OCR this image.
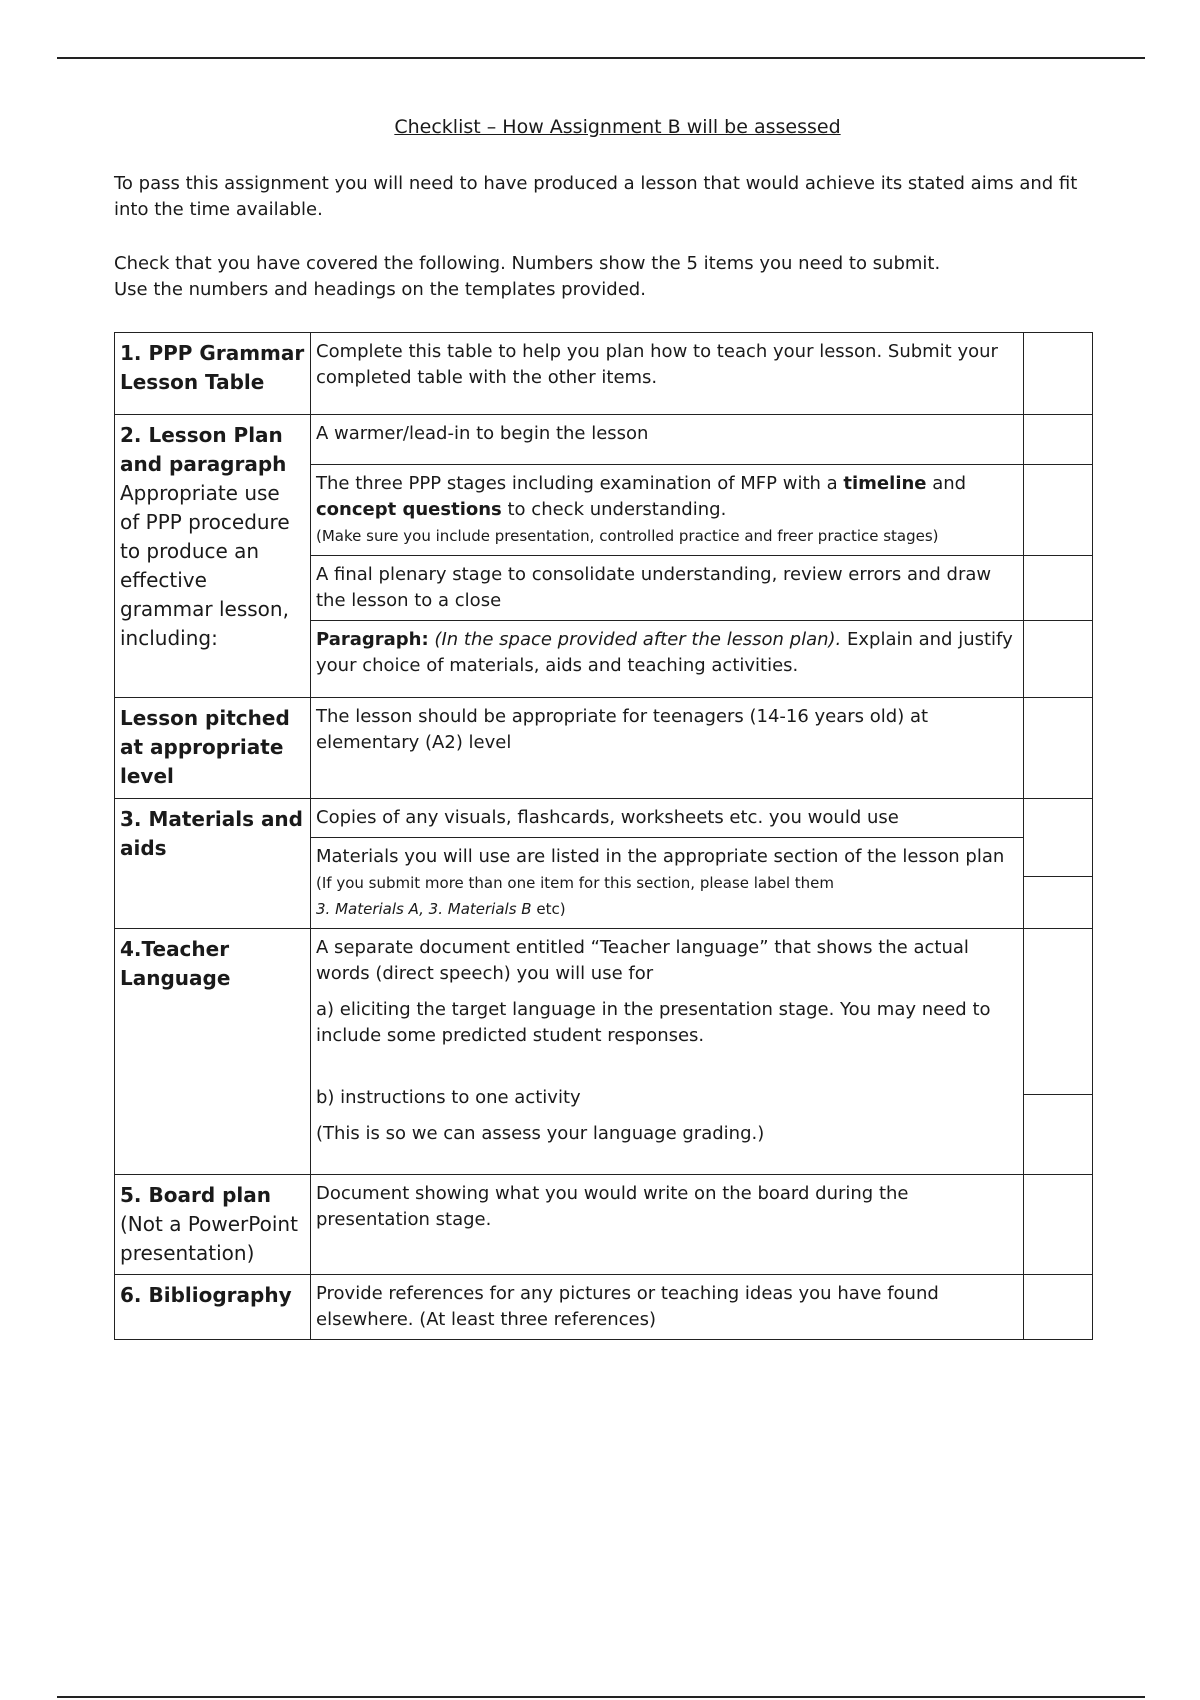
Checklist – How Assignment B will be assessed

To pass this assignment you will need to have produced a lesson that would achieve its stated aims and fit into the time available.

Check that you have covered the following. Numbers show the 5 items you need to submit.

Use the numbers and headings on the templates provided.

1. PPP Grammar Lesson Table	Complete this table to help you plan how to teach your lesson. Submit your completed table with the other items.	
2. Lesson Plan and paragraph
Appropriate use of PPP procedure to produce an effective grammar lesson, including:	A warmer/lead-in to begin the lesson	
	The three PPP stages including examination of MFP with a timeline and concept questions to check understanding.
(Make sure you include presentation, controlled practice and freer practice stages)	
	A final plenary stage to consolidate understanding, review errors and draw the lesson to a close	
	Paragraph: (In the space provided after the lesson plan). Explain and justify your choice of materials, aids and teaching activities.	
Lesson pitched at appropriate level	The lesson should be appropriate for teenagers (14-16 years old) at elementary (A2) level	
3. Materials and aids	Copies of any visuals, flashcards, worksheets etc. you would use	

	Materials you will use are listed in the appropriate section of the lesson plan
(If you submit more than one item for this section, please label them
3. Materials A, 3. Materials B etc)	
4.Teacher Language	A separate document entitled “Teacher language” that shows the actual words (direct speech) you will use for
a) eliciting the target language in the presentation stage. You may need to include some predicted student responses.
b) instructions to one activity
(This is so we can assess your language grading.)	

5. Board plan
(Not a PowerPoint presentation)	Document showing what you would write on the board during the presentation stage.	
6. Bibliography	Provide references for any pictures or teaching ideas you have found elsewhere. (At least three references)	
